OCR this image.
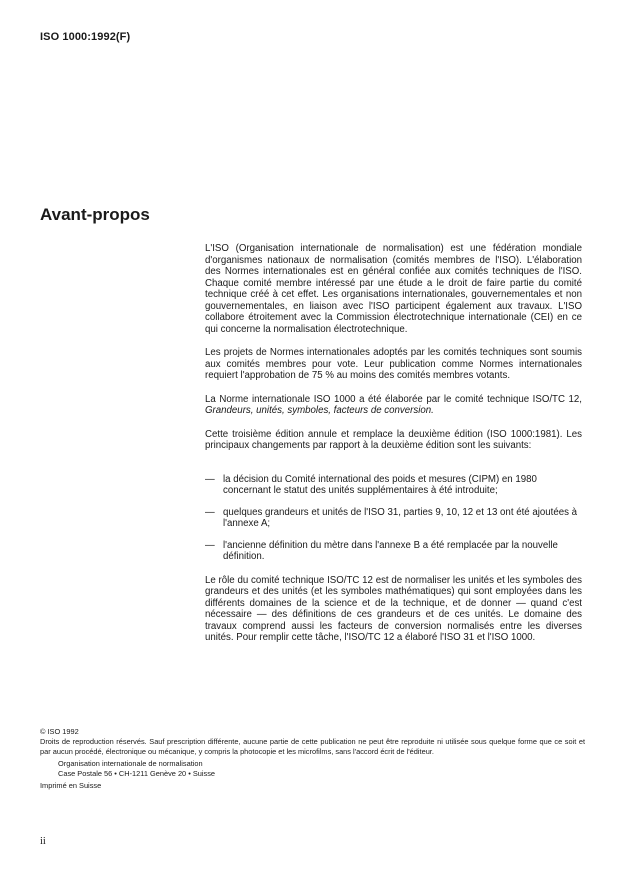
ISO 1000:1992(F)
Avant-propos

L'ISO (Organisation internationale de normalisation) est une fédération mondiale d'organismes nationaux de normalisation (comités membres de l'ISO). L'élaboration des Normes internationales est en général confiée aux comités techniques de l'ISO. Chaque comité membre intéressé par une étude a le droit de faire partie du comité technique créé à cet effet. Les organisations internationales, gouvernementales et non gouvernementales, en liaison avec l'ISO participent également aux travaux. L'ISO collabore étroitement avec la Commission électrotechnique internationale (CEI) en ce qui concerne la normalisation électrotechnique.

Les projets de Normes internationales adoptés par les comités techniques sont soumis aux comités membres pour vote. Leur publication comme Normes internationales requiert l'approbation de 75 % au moins des comités membres votants.

La Norme internationale ISO 1000 a été élaborée par le comité technique ISO/TC 12, Grandeurs, unités, symboles, facteurs de conversion.

Cette troisième édition annule et remplace la deuxième édition (ISO 1000:1981). Les principaux changements par rapport à la deuxième édition sont les suivants:

— la décision du Comité international des poids et mesures (CIPM) en 1980 concernant le statut des unités supplémentaires à été introduite;
— quelques grandeurs et unités de l'ISO 31, parties 9, 10, 12 et 13 ont été ajoutées à l'annexe A;
— l'ancienne définition du mètre dans l'annexe B a été remplacée par la nouvelle définition.

Le rôle du comité technique ISO/TC 12 est de normaliser les unités et les symboles des grandeurs et des unités (et les symboles mathématiques) qui sont employées dans les différents domaines de la science et de la technique, et de donner — quand c'est nécessaire — des définitions de ces grandeurs et de ces unités. Le domaine des travaux comprend aussi les facteurs de conversion normalisés entre les diverses unités. Pour remplir cette tâche, l'ISO/TC 12 a élaboré l'ISO 31 et l'ISO 1000.

© ISO 1992

Droits de reproduction réservés. Sauf prescription différente, aucune partie de cette publication ne peut être reproduite ni utilisée sous quelque forme que ce soit et par aucun procédé, électronique ou mécanique, y compris la photocopie et les microfilms, sans l'accord écrit de l'éditeur.

Organisation internationale de normalisation
Case Postale 56 • CH-1211 Genève 20 • Suisse

Imprimé en Suisse

ii
